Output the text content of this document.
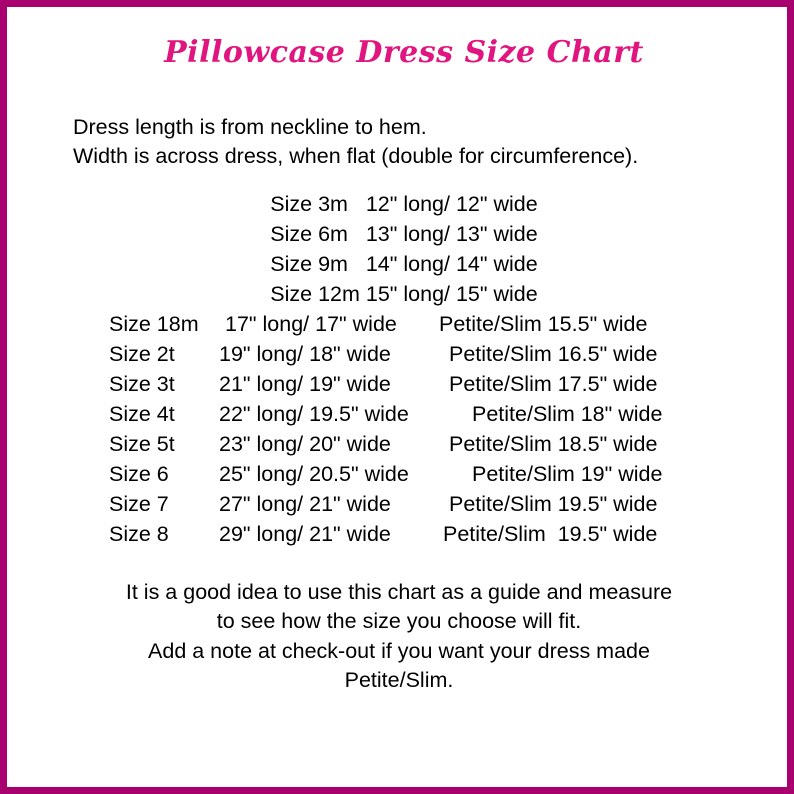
Pillowcase Dress Size Chart
Dress length is from neckline to hem.
Width is across dress, when flat (double for circumference).
Size 3m   12" long/ 12" wide
Size 6m   13" long/ 13" wide
Size 9m   14" long/ 14" wide
Size 12m 15" long/ 15" wide
Size 18m 17" long/ 17" wide Petite/Slim 15.5" wide
Size 2t 19" long/ 18" wide	Petite/Slim 16.5" wide
Size 3t 21" long/ 19" wide	Petite/Slim 17.5" wide
Size 4t 22" long/ 19.5" wide	Petite/Slim 18" wide
Size 5t 23" long/ 20" wide	Petite/Slim 18.5" wide
Size 6 25" long/ 20.5" wide	Petite/Slim 19" wide
Size 7 27" long/ 21" wide	Petite/Slim 19.5" wide
Size 8 29" long/ 21" wide Petite/Slim  19.5" wide
It is a good idea to use this chart as a guide and measure
to see how the size you choose will fit.
Add a note at check-out if you want your dress made
Petite/Slim.
